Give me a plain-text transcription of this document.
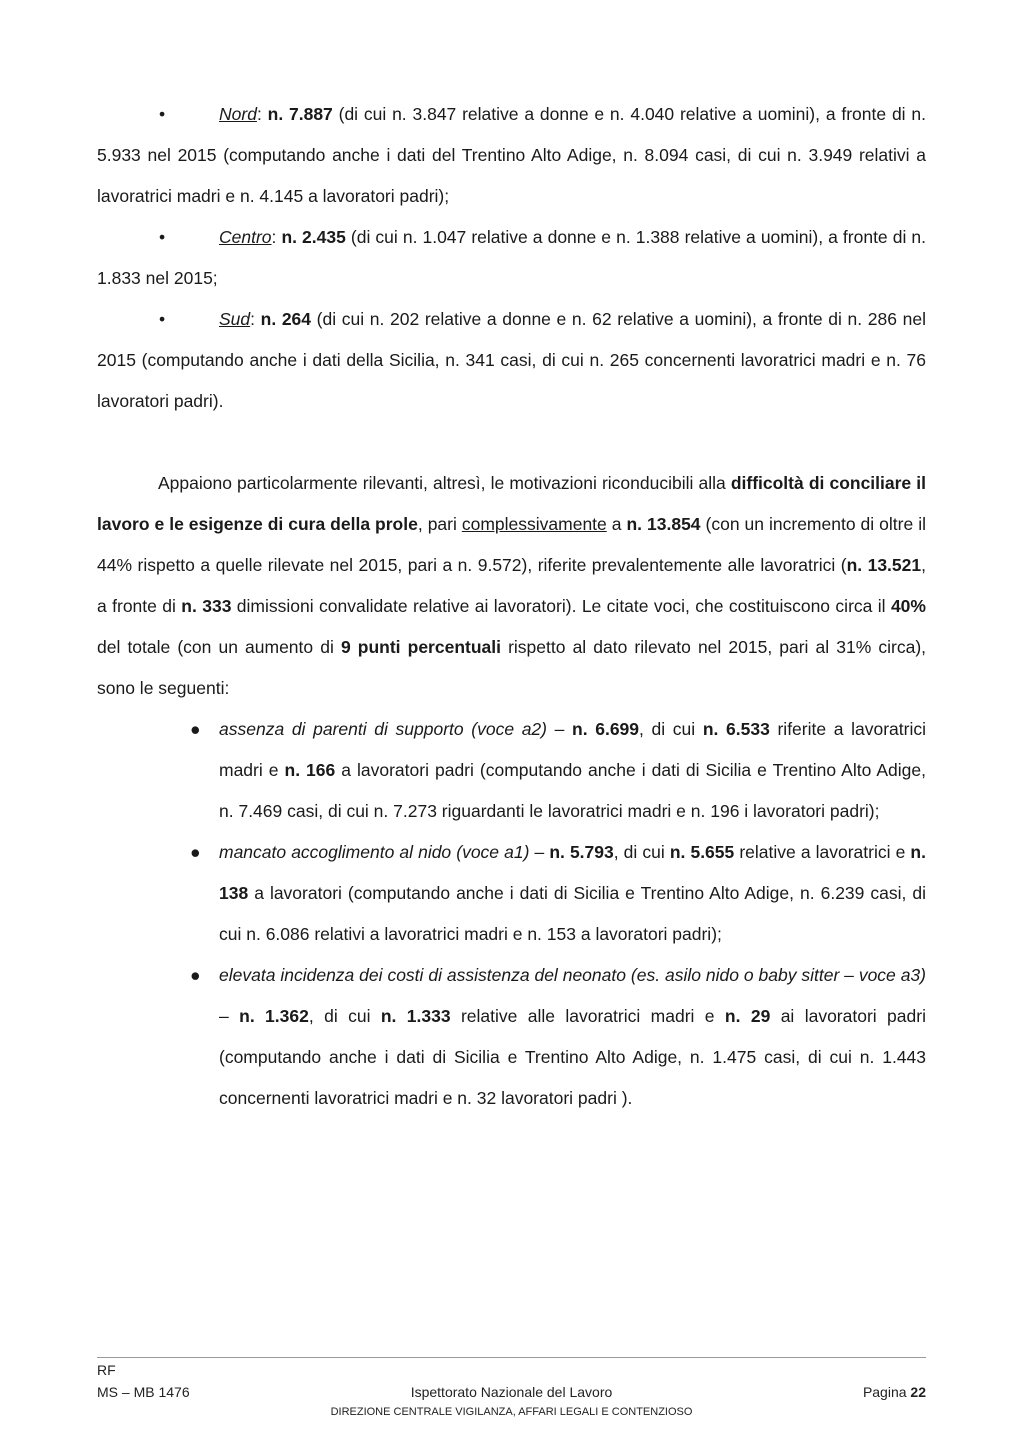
•	Nord: n. 7.887 (di cui n. 3.847 relative a donne e n. 4.040 relative a uomini), a fronte di n. 5.933 nel 2015 (computando anche i dati del Trentino Alto Adige, n. 8.094 casi, di cui n. 3.949 relativi a lavoratrici madri e n. 4.145 a lavoratori padri);

•	Centro: n. 2.435 (di cui n. 1.047 relative a donne e n. 1.388 relative a uomini), a fronte di n. 1.833 nel 2015;

•	Sud: n. 264 (di cui n. 202 relative a donne e n. 62 relative a uomini), a fronte di n. 286 nel 2015 (computando anche i dati della Sicilia, n. 341 casi, di cui n. 265 concernenti lavoratrici madri e n. 76 lavoratori padri).

Appaiono particolarmente rilevanti, altresì, le motivazioni riconducibili alla difficoltà di conciliare il lavoro e le esigenze di cura della prole, pari complessivamente a n. 13.854 (con un incremento di oltre il 44% rispetto a quelle rilevate nel 2015, pari a n. 9.572), riferite prevalentemente alle lavoratrici (n. 13.521, a fronte di n. 333 dimissioni convalidate relative ai lavoratori). Le citate voci, che costituiscono circa il 40% del totale (con un aumento di 9 punti percentuali rispetto al dato rilevato nel 2015, pari al 31% circa), sono le seguenti:

● assenza di parenti di supporto (voce a2) – n. 6.699, di cui n. 6.533 riferite a lavoratrici madri e n. 166 a lavoratori padri (computando anche i dati di Sicilia e Trentino Alto Adige, n. 7.469 casi, di cui n. 7.273 riguardanti le lavoratrici madri e n. 196 i lavoratori padri);

● mancato accoglimento al nido (voce a1) – n. 5.793, di cui n. 5.655 relative a lavoratrici e n. 138 a lavoratori (computando anche i dati di Sicilia e Trentino Alto Adige, n. 6.239 casi, di cui n. 6.086 relativi a lavoratrici madri e n. 153 a lavoratori padri);

● elevata incidenza dei costi di assistenza del neonato (es. asilo nido o baby sitter – voce a3) – n. 1.362, di cui n. 1.333 relative alle lavoratrici madri e n. 29 ai lavoratori padri (computando anche i dati di Sicilia e Trentino Alto Adige, n. 1.475 casi, di cui n. 1.443 concernenti lavoratrici madri e n. 32 lavoratori padri ).

RF
MS – MB 1476	Ispettorato Nazionale del Lavoro	Pagina 22
DIREZIONE CENTRALE VIGILANZA, AFFARI LEGALI E CONTENZIOSO
